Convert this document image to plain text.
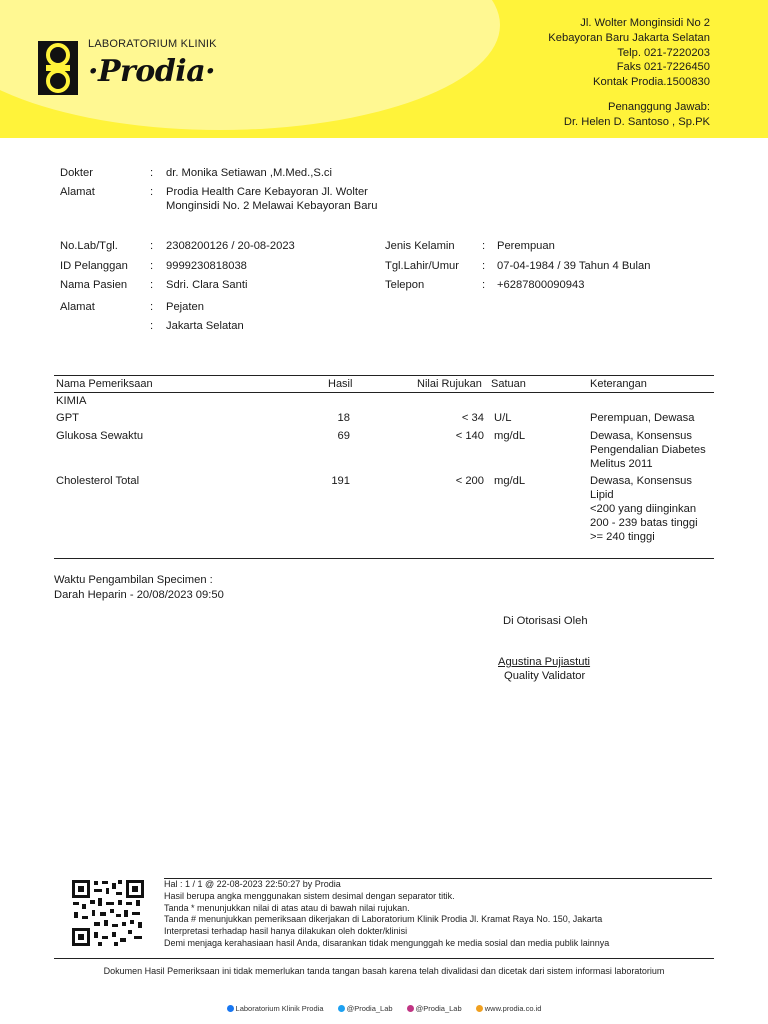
LABORATORIUM KLINIK
·Prodia·
Jl. Wolter Monginsidi No 2
Kebayoran Baru Jakarta Selatan
Telp. 021-7220203
Faks 021-7226450
Kontak Prodia.1500830
Penanggung Jawab:
Dr. Helen D. Santoso , Sp.PK
Dokter	: dr. Monika Setiawan ,M.Med.,S.ci
Alamat	: Prodia Health Care Kebayoran Jl. Wolter
Monginsidi No. 2 Melawai Kebayoran Baru
No.Lab/Tgl.	: 2308200126 / 20-08-2023
ID Pelanggan : 9999230818038
Nama Pasien : Sdri. Clara Santi
Alamat	: Pejaten
: Jakarta Selatan
Jenis Kelamin : Perempuan
Tgl.Lahir/Umur : 07-04-1984 / 39 Tahun 4 Bulan
Telepon	: +6287800090943
Nama Pemeriksaan	Hasil	Nilai Rujukan Satuan	Keterangan
KIMIA
GPT	18	< 34 U/L	Perempuan, Dewasa
Glukosa Sewaktu	69	< 140 mg/dL	Dewasa, Konsensus
Pengendalian Diabetes
Melitus 2011
Cholesterol Total	191	< 200 mg/dL	Dewasa, Konsensus
Lipid
<200 yang diinginkan
200 - 239 batas tinggi
>= 240 tinggi
Waktu Pengambilan Specimen :
Darah Heparin - 20/08/2023 09:50
Di Otorisasi Oleh
Agustina Pujiastuti
Quality Validator
Hal : 1 / 1 @ 22-08-2023 22:50:27 by Prodia
Hasil berupa angka menggunakan sistem desimal dengan separator titik.
Tanda * menunjukkan nilai di atas atau di bawah nilai rujukan.
Tanda # menunjukkan pemeriksaan dikerjakan di Laboratorium Klinik Prodia Jl. Kramat Raya No. 150, Jakarta
Interpretasi terhadap hasil hanya dilakukan oleh dokter/klinisi
Demi menjaga kerahasiaan hasil Anda, disarankan tidak mengunggah ke media sosial dan media publik lainnya
Dokumen Hasil Pemeriksaan ini tidak memerlukan tanda tangan basah karena telah divalidasi dan dicetak dari sistem informasi laboratorium
Laboratorium Klinik Prodia	@Prodia_Lab	@Prodia_Lab	www.prodia.co.id
